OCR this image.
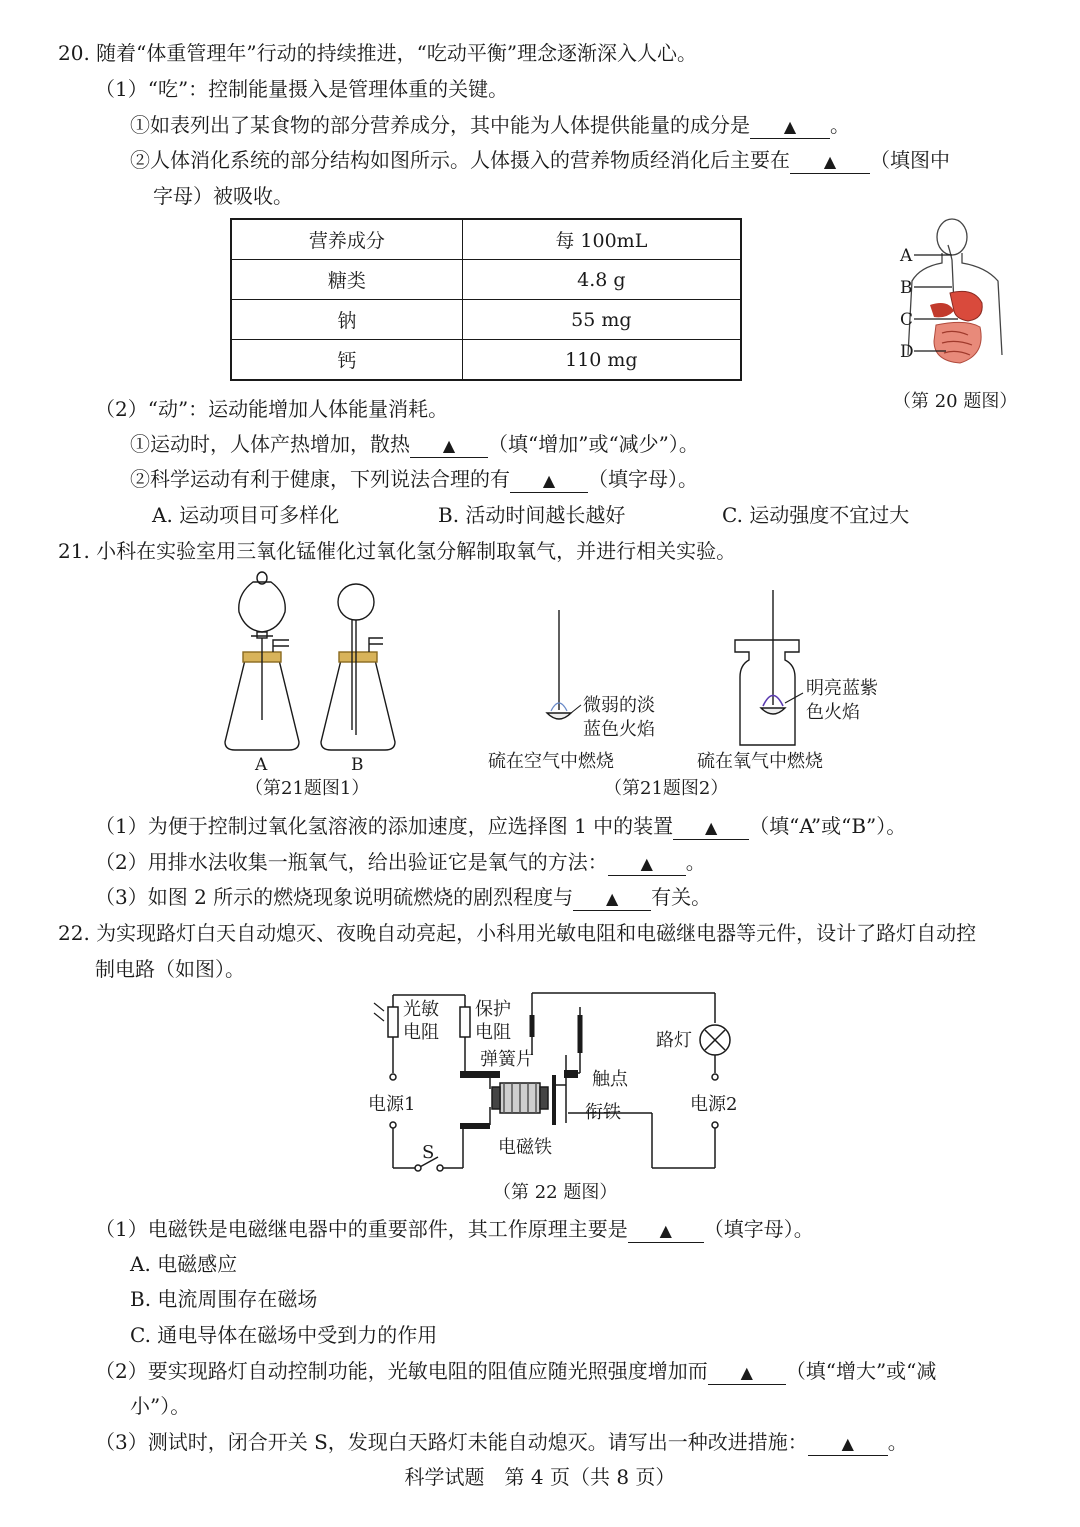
20. 随着“体重管理年”行动的持续推进，“吃动平衡”理念逐渐深入人心。
（1）“吃”：控制能量摄入是管理体重的关键。
①如表列出了某食物的部分营养成分，其中能为人体提供能量的成分是 ▲ 。
②人体消化系统的部分结构如图所示。人体摄入的营养物质经消化后主要在 ▲ （填图中
字母）被吸收。
营养成分	每 100mL
糖类	4.8 g
钠	55 mg
钙	110 mg
A
B
C
D
（第 20 题图）
（2）“动”：运动能增加人体能量消耗。
①运动时，人体产热增加，散热 ▲ （填“增加”或“减少”）。
②科学运动有利于健康，下列说法合理的有 ▲ （填字母）。
A. 运动项目可多样化	B. 活动时间越长越好	C. 运动强度不宜过大
21. 小科在实验室用三氧化锰催化过氧化氢分解制取氧气，并进行相关实验。
A	B
（第21题图1）
微弱的淡
蓝色火焰
明亮蓝紫
色火焰
硫在空气中燃烧	硫在氧气中燃烧
（第21题图2）
（1）为便于控制过氧化氢溶液的添加速度，应选择图 1 中的装置 ▲ （填“A”或“B”）。
（2）用排水法收集一瓶氧气，给出验证它是氧气的方法： ▲ 。
（3）如图 2 所示的燃烧现象说明硫燃烧的剧烈程度与 ▲ 有关。
22. 为实现路灯白天自动熄灭、夜晚自动亮起，小科用光敏电阻和电磁继电器等元件，设计了路灯自动控
制电路（如图）。
光敏
电阻
保护
电阻
弹簧片
触点
衔铁
电磁铁
电源1	电源2
路灯
S
（第 22 题图）
（1）电磁铁是电磁继电器中的重要部件，其工作原理主要是 ▲ （填字母）。
A. 电磁感应
B. 电流周围存在磁场
C. 通电导体在磁场中受到力的作用
（2）要实现路灯自动控制功能，光敏电阻的阻值应随光照强度增加而 ▲ （填“增大”或“减
小”）。
（3）测试时，闭合开关 S，发现白天路灯未能自动熄灭。请写出一种改进措施： ▲ 。
科学试题　第 4 页（共 8 页）
